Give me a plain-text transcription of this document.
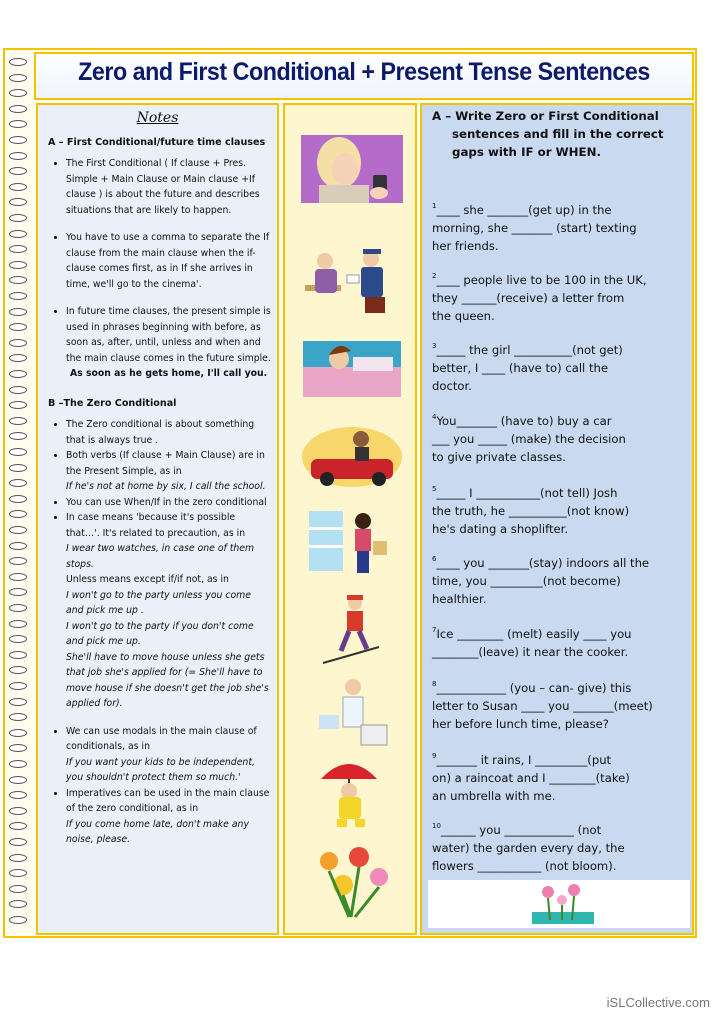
Zero and First Conditional + Present Tense Sentences
Notes
A – First Conditional/future time clauses
• The First Conditional ( If clause + Pres. Simple + Main Clause or Main clause +If clause ) is about the future and describes situations that are likely to happen.
• You have to use a comma to separate the If clause from the main clause when the if-clause comes first, as in If she arrives in time, we'll go to the cinema'.
• In future time clauses, the present simple is used in phrases beginning with before, as soon as, after, until, unless and when and the main clause comes in the future simple.
As soon as he gets home, I'll call you.
B –The Zero Conditional
• The Zero conditional is about something that is always true .
• Both verbs (If clause + Main Clause) are in the Present Simple, as in
If he's not at home by six, I call the school.
• You can use When/If in the zero conditional
• In case means 'because it's possible that…'. It's related to precaution, as in
I wear two watches, in case one of them stops.
Unless means except if/if not, as in
I won't go to the party unless you come and pick me up .
I won't go to the party if you don't come and pick me up.
She'll have to move house unless she gets that job she's applied for (= She'll have to move house if she doesn't get the job she's applied for).
• We can use modals in the main clause of conditionals, as in
If you want your kids to be independent, you shouldn't protect them so much.'
• Imperatives can be used in the main clause of the zero conditional, as in
If you come home late, don't make any noise, please.
A – Write Zero or First Conditional
sentences and fill in the correct
gaps with IF or WHEN.
$^1$____ she _______(get up) in the
morning, she _______ (start) texting
her friends.
$^2$____ people live to be 100 in the UK,
they ______(receive) a letter from
the queen.
$^3$_____ the girl __________(not get)
better, I ____ (have to) call the
doctor.
$^4$You_______ (have to) buy a car
___ you _____ (make) the decision
to give private classes.
$^5$_____ I ___________(not tell) Josh
the truth, he __________(not know)
he's dating a shoplifter.
$^6$____ you _______(stay) indoors all the
time, you _________(not become)
healthier.
$^7$Ice ________ (melt) easily ____ you
________(leave) it near the cooker.

$^8$____________ (you – can- give) this
letter to Susan ____ you _______(meet)
her before lunch time, please?
$^9$_______ it rains, I _________(put
on) a raincoat and I ________(take)
an umbrella with me.
$^{10}$______ you ____________ (not
water) the garden every day, the
flowers ___________ (not bloom).
iSLCollective.com
